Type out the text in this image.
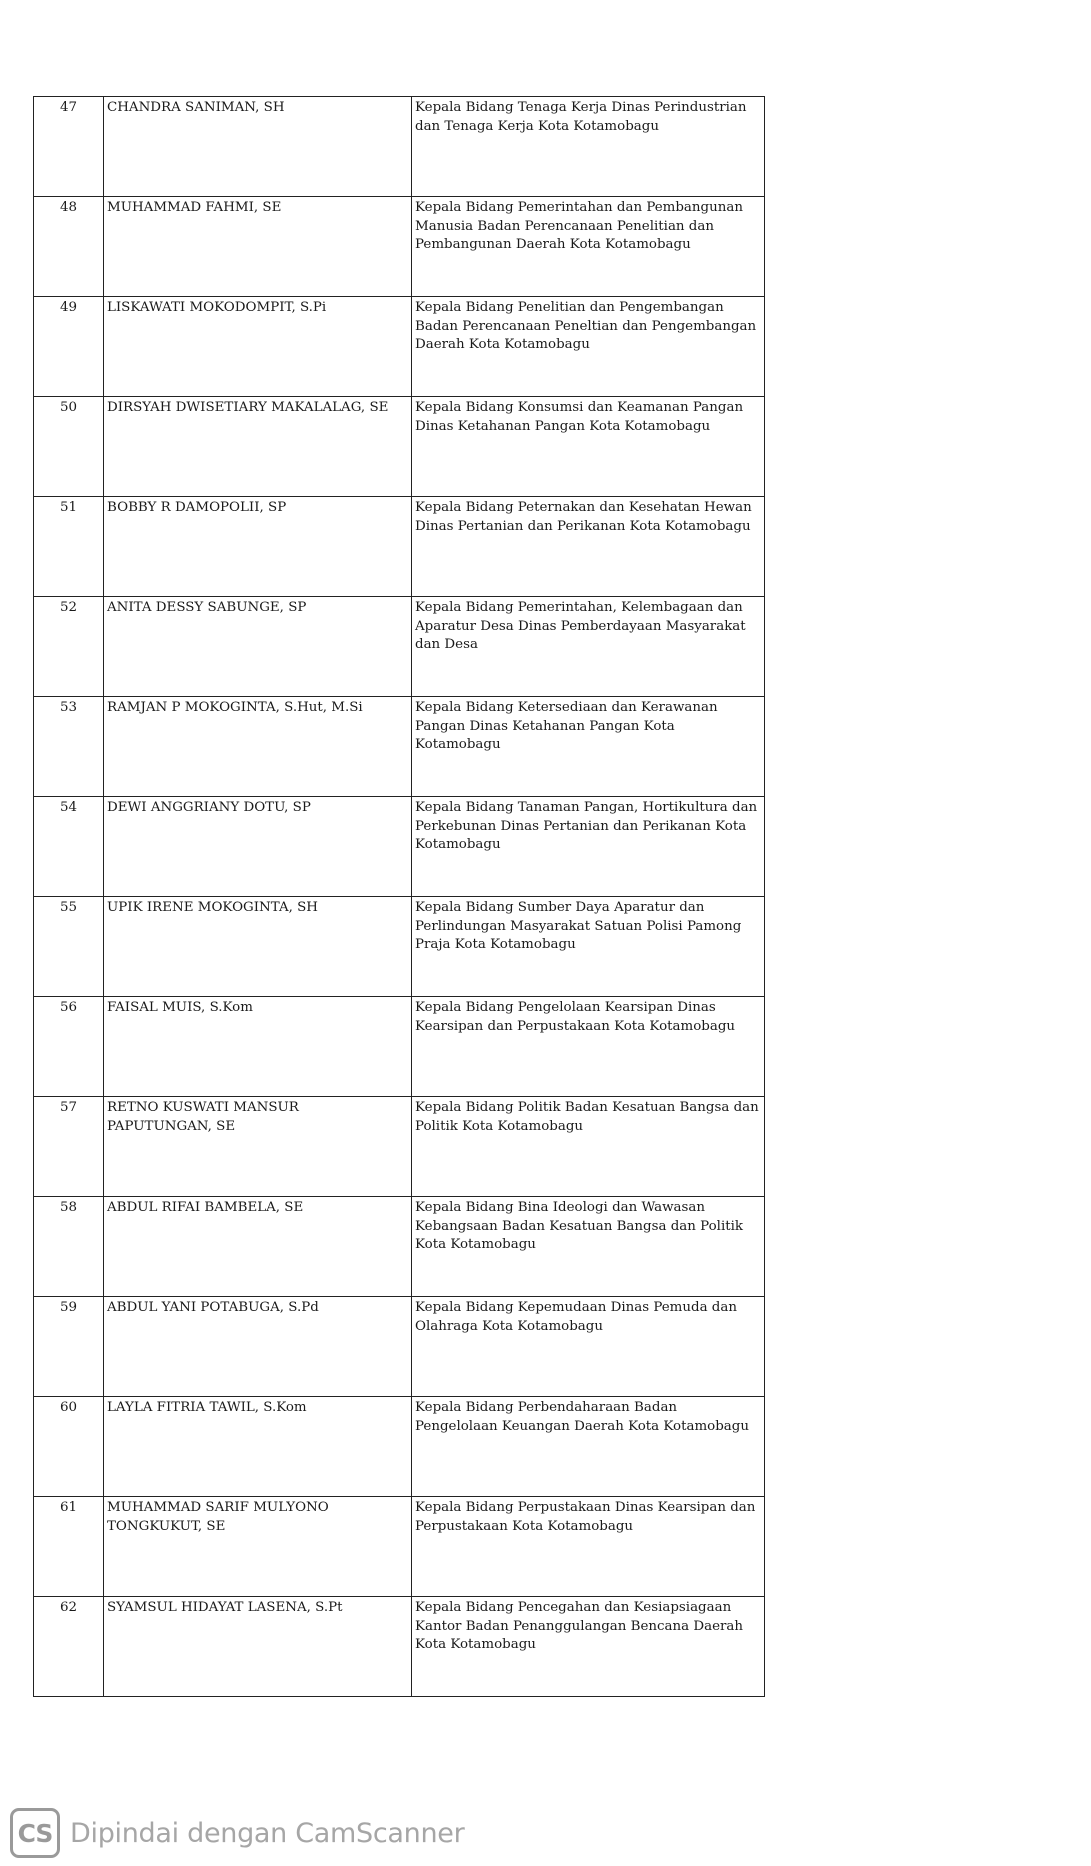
47	CHANDRA SANIMAN, SH	Kepala Bidang Tenaga Kerja Dinas Perindustrian dan Tenaga Kerja Kota Kotamobagu
48	MUHAMMAD FAHMI, SE	Kepala Bidang Pemerintahan dan Pembangunan Manusia Badan Perencanaan Penelitian dan Pembangunan Daerah Kota Kotamobagu
49	LISKAWATI MOKODOMPIT, S.Pi	Kepala Bidang Penelitian dan Pengembangan Badan Perencanaan Peneltian dan Pengembangan Daerah Kota Kotamobagu
50	DIRSYAH DWISETIARY MAKALALAG, SE	Kepala Bidang Konsumsi dan Keamanan Pangan Dinas Ketahanan Pangan Kota Kotamobagu
51	BOBBY R DAMOPOLII, SP	Kepala Bidang Peternakan dan Kesehatan Hewan Dinas Pertanian dan Perikanan Kota Kotamobagu
52	ANITA DESSY SABUNGE, SP	Kepala Bidang Pemerintahan, Kelembagaan dan Aparatur Desa Dinas Pemberdayaan Masyarakat dan Desa
53	RAMJAN P MOKOGINTA, S.Hut, M.Si	Kepala Bidang Ketersediaan dan Kerawanan Pangan Dinas Ketahanan Pangan Kota Kotamobagu
54	DEWI ANGGRIANY DOTU, SP	Kepala Bidang Tanaman Pangan, Hortikultura dan Perkebunan Dinas Pertanian dan Perikanan Kota Kotamobagu
55	UPIK IRENE MOKOGINTA, SH	Kepala Bidang Sumber Daya Aparatur dan Perlindungan Masyarakat Satuan Polisi Pamong Praja Kota Kotamobagu
56	FAISAL MUIS, S.Kom	Kepala Bidang Pengelolaan Kearsipan Dinas Kearsipan dan Perpustakaan Kota Kotamobagu
57	RETNO KUSWATI MANSUR PAPUTUNGAN, SE	Kepala Bidang Politik Badan Kesatuan Bangsa dan Politik Kota Kotamobagu
58	ABDUL RIFAI BAMBELA, SE	Kepala Bidang Bina Ideologi dan Wawasan Kebangsaan Badan Kesatuan Bangsa dan Politik Kota Kotamobagu
59	ABDUL YANI POTABUGA, S.Pd	Kepala Bidang Kepemudaan Dinas Pemuda dan Olahraga Kota Kotamobagu
60	LAYLA FITRIA TAWIL, S.Kom	Kepala Bidang Perbendaharaan Badan Pengelolaan Keuangan Daerah Kota Kotamobagu
61	MUHAMMAD SARIF MULYONO TONGKUKUT, SE	Kepala Bidang Perpustakaan Dinas Kearsipan dan Perpustakaan Kota Kotamobagu
62	SYAMSUL HIDAYAT LASENA, S.Pt	Kepala Bidang Pencegahan dan Kesiapsiagaan Kantor Badan Penanggulangan Bencana Daerah Kota Kotamobagu
CS Dipindai dengan CamScanner
